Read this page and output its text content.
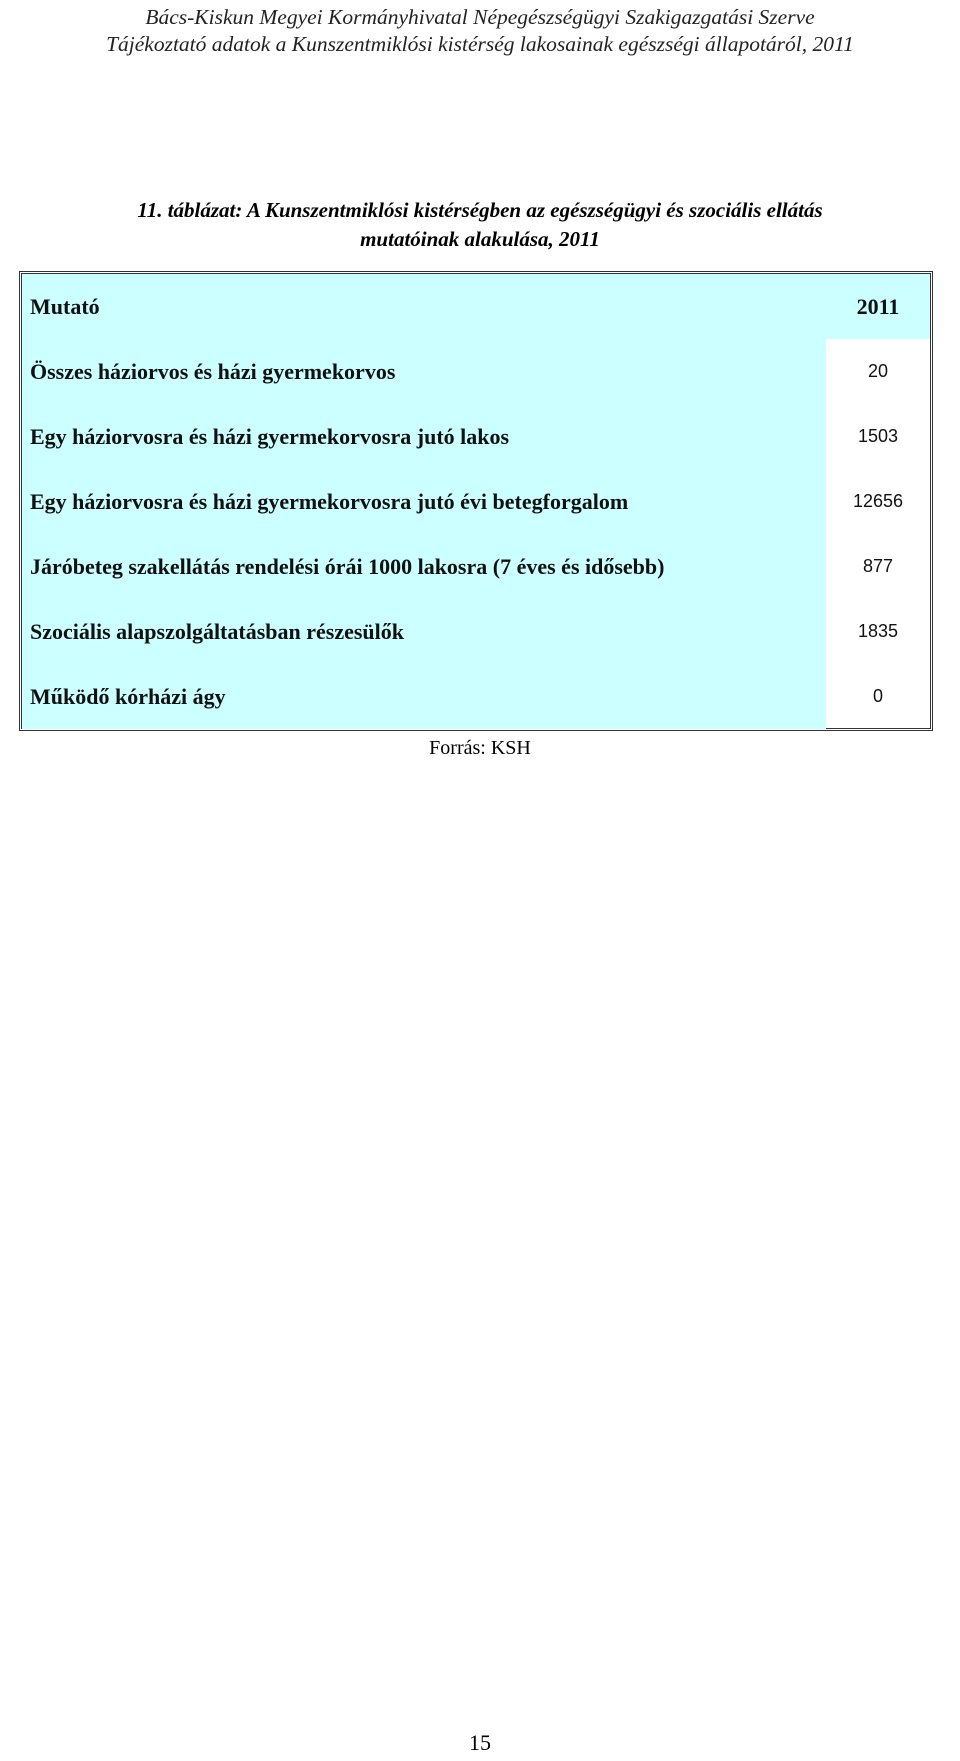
Bács-Kiskun Megyei Kormányhivatal Népegészségügyi Szakigazgatási Szerve
Tájékoztató adatok a Kunszentmiklósi kistérség lakosainak egészségi állapotáról, 2011
11. táblázat: A Kunszentmiklósi kistérségben az egészségügyi és szociális ellátás
mutatóinak alakulása, 2011
Mutató	2011
Összes háziorvos és házi gyermekorvos	20
Egy háziorvosra és házi gyermekorvosra jutó lakos	1503
Egy háziorvosra és házi gyermekorvosra jutó évi betegforgalom	12656
Járóbeteg szakellátás rendelési órái 1000 lakosra (7 éves és idősebb)	877
Szociális alapszolgáltatásban részesülők	1835
Működő kórházi ágy	0
Forrás: KSH
15
